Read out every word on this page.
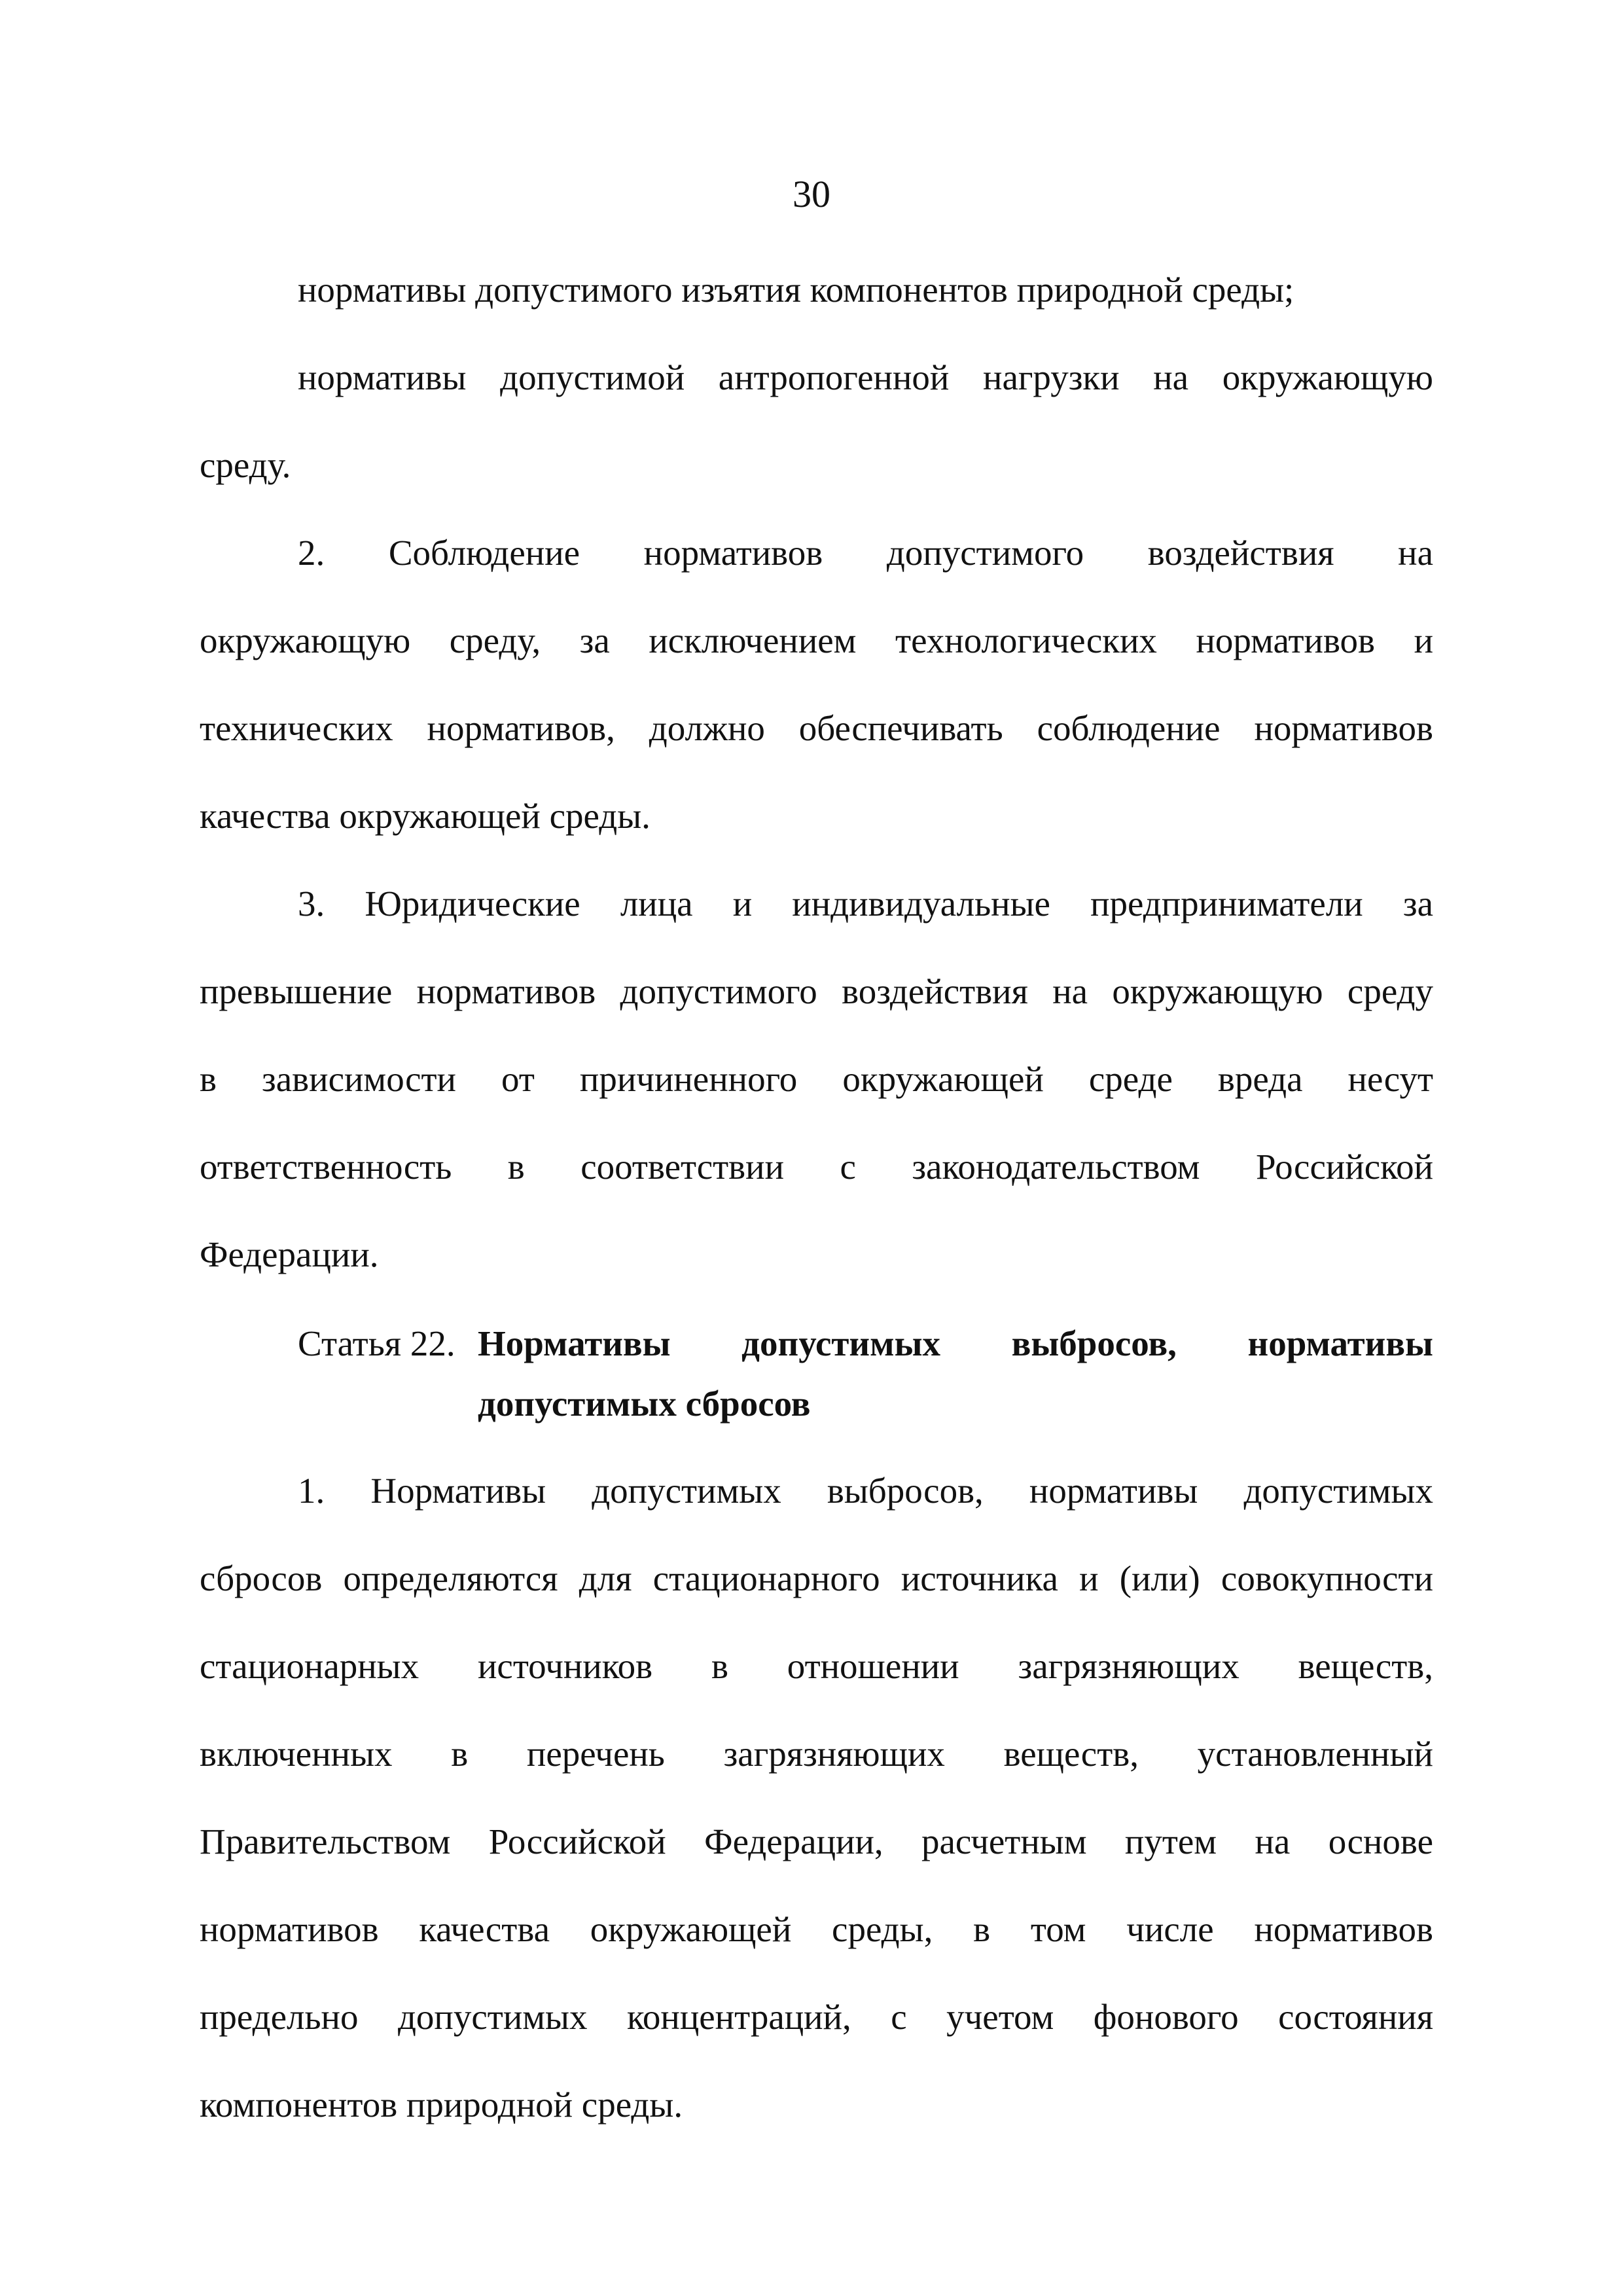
30
нормативы допустимого изъятия компонентов природной среды;
нормативы допустимой антропогенной нагрузки на окружающую
среду.
2. Соблюдение нормативов допустимого воздействия на
окружающую среду, за исключением технологических нормативов и
технических нормативов, должно обеспечивать соблюдение нормативов
качества окружающей среды.
3. Юридические лица и индивидуальные предприниматели за
превышение нормативов допустимого воздействия на окружающую среду
в зависимости от причиненного окружающей среде вреда несут
ответственность в соответствии с законодательством Российской
Федерации.
Статья 22. Нормативы допустимых выбросов, нормативы
допустимых сбросов
1. Нормативы допустимых выбросов, нормативы допустимых
сбросов определяются для стационарного источника и (или) совокупности
стационарных источников в отношении загрязняющих веществ,
включенных в перечень загрязняющих веществ, установленный
Правительством Российской Федерации, расчетным путем на основе
нормативов качества окружающей среды, в том числе нормативов
предельно допустимых концентраций, с учетом фонового состояния
компонентов природной среды.
